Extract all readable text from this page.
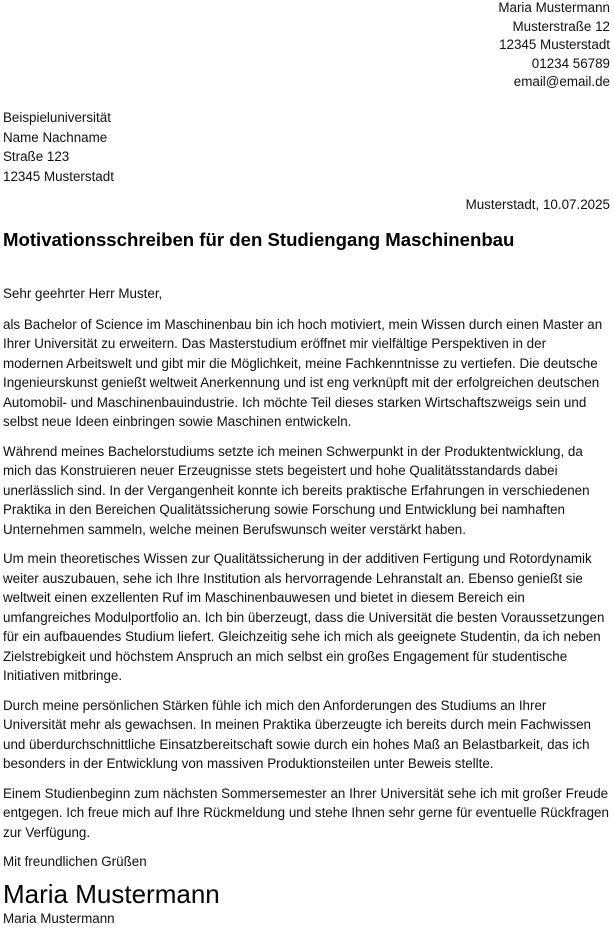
Maria Mustermann
Musterstraße 12
12345 Musterstadt
01234 56789
email@email.de
Beispieluniversität
Name Nachname
Straße 123
12345 Musterstadt
Musterstadt, 10.07.2025
Motivationsschreiben für den Studiengang Maschinenbau

Sehr geehrter Herr Muster,

als Bachelor of Science im Maschinenbau bin ich hoch motiviert, mein Wissen durch einen Master an Ihrer Universität zu erweitern. Das Masterstudium eröffnet mir vielfältige Perspektiven in der modernen Arbeitswelt und gibt mir die Möglichkeit, meine Fachkenntnisse zu vertiefen. Die deutsche Ingenieurskunst genießt weltweit Anerkennung und ist eng verknüpft mit der erfolgreichen deutschen Automobil- und Maschinenbauindustrie. Ich möchte Teil dieses starken Wirtschaftszweigs sein und selbst neue Ideen einbringen sowie Maschinen entwickeln.

Während meines Bachelorstudiums setzte ich meinen Schwerpunkt in der Produktentwicklung, da mich das Konstruieren neuer Erzeugnisse stets begeistert und hohe Qualitätsstandards dabei unerlässlich sind. In der Vergangenheit konnte ich bereits praktische Erfahrungen in verschiedenen Praktika in den Bereichen Qualitätssicherung sowie Forschung und Entwicklung bei namhaften Unternehmen sammeln, welche meinen Berufswunsch weiter verstärkt haben.

Um mein theoretisches Wissen zur Qualitätssicherung in der additiven Fertigung und Rotordynamik weiter auszubauen, sehe ich Ihre Institution als hervorragende Lehranstalt an. Ebenso genießt sie weltweit einen exzellenten Ruf im Maschinenbauwesen und bietet in diesem Bereich ein umfangreiches Modulportfolio an. Ich bin überzeugt, dass die Universität die besten Voraussetzungen für ein aufbauendes Studium liefert. Gleichzeitig sehe ich mich als geeignete Studentin, da ich neben Zielstrebigkeit und höchstem Anspruch an mich selbst ein großes Engagement für studentische Initiativen mitbringe.

Durch meine persönlichen Stärken fühle ich mich den Anforderungen des Studiums an Ihrer Universität mehr als gewachsen. In meinen Praktika überzeugte ich bereits durch mein Fachwissen und überdurchschnittliche Einsatzbereitschaft sowie durch ein hohes Maß an Belastbarkeit, das ich besonders in der Entwicklung von massiven Produktionsteilen unter Beweis stellte.

Einem Studienbeginn zum nächsten Sommersemester an Ihrer Universität sehe ich mit großer Freude entgegen. Ich freue mich auf Ihre Rückmeldung und stehe Ihnen sehr gerne für eventuelle Rückfragen zur Verfügung.

Mit freundlichen Grüßen
Maria Mustermann
Maria Mustermann
